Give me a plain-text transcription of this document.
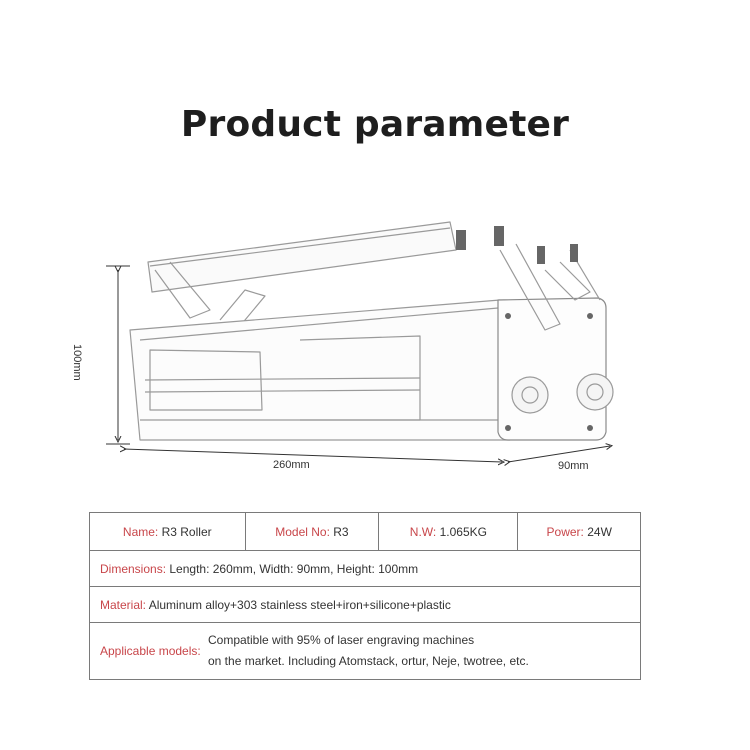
Product parameter
100mm
260mm	90mm
Name: R3 Roller	Model No: R3	N.W: 1.065KG	Power: 24W
Dimensions: Length: 260mm, Width: 90mm, Height: 100mm
Material: Aluminum alloy+303 stainless steel+iron+silicone+plastic

Applicable models:
Compatible with 95% of laser engraving machines
on the market. Including Atomstack, ortur, Neje, twotree, etc.
